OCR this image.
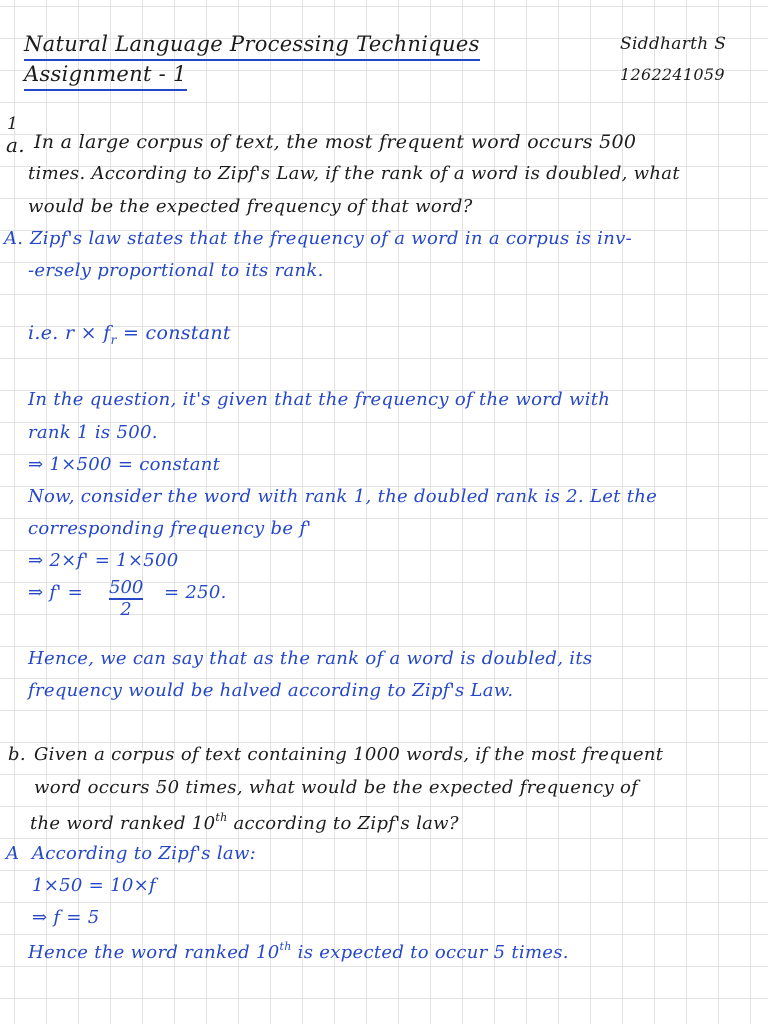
Natural Language Processing Techniques
Assignment - 1
Siddharth S
1262241059
1
a. In a large corpus of text, the most frequent word occurs 500
times. According to Zipf's Law, if the rank of a word is doubled, what
would be the expected frequency of that word?
A. Zipf's law states that the frequency of a word in a corpus is inv-
-ersely proportional to its rank.
i.e. $r \times f_r$ = constant
In the question, it's given that the frequency of the word with
rank 1 is 500.
⇒ 1×500 = constant
Now, consider the word with rank 1, the doubled rank is 2. Let the
corresponding frequency be f'
⇒ 2×f' = 1×500
⇒ $f' = \frac{500}{2} = 250$.
Hence, we can say that as the rank of a word is doubled, its
frequency would be halved according to Zipf's Law.
b. Given a corpus of text containing 1000 words, if the most frequent
word occurs 50 times, what would be the expected frequency of
the word ranked 10th according to Zipf's law?
A According to Zipf's law:
1×50 = 10×f
⇒ f = 5
Hence the word ranked 10th is expected to occur 5 times.
